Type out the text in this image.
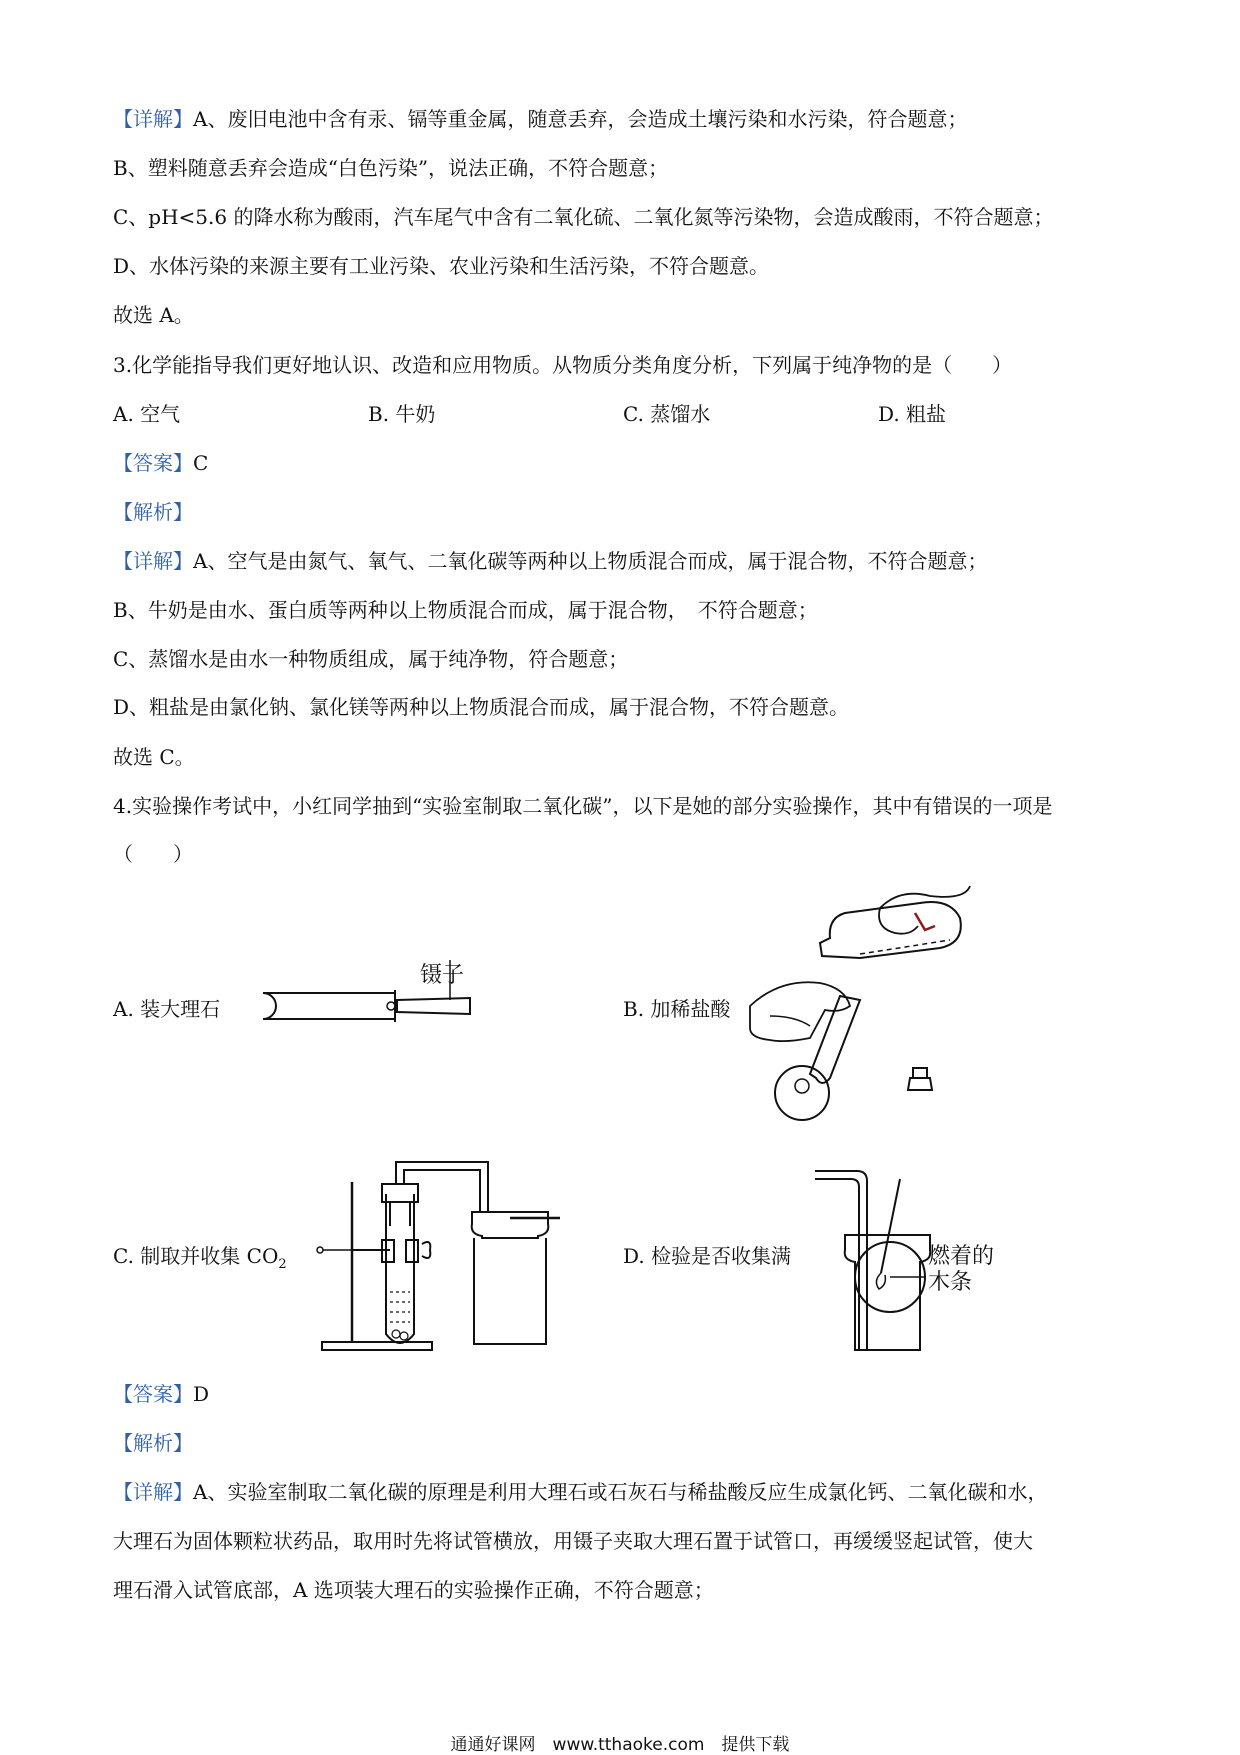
【详解】A、废旧电池中含有汞、镉等重金属，随意丢弃，会造成土壤污染和水污染，符合题意；
B、塑料随意丢弃会造成“白色污染”，说法正确，不符合题意；
C、pH<5.6 的降水称为酸雨，汽车尾气中含有二氧化硫、二氧化氮等污染物，会造成酸雨，不符合题意；
D、水体污染的来源主要有工业污染、农业污染和生活污染，不符合题意。
故选 A。
3.化学能指导我们更好地认识、改造和应用物质。从物质分类角度分析，下列属于纯净物的是（　　）
A. 空气	B. 牛奶	C. 蒸馏水	D. 粗盐
【答案】C
【解析】
【详解】A、空气是由氮气、氧气、二氧化碳等两种以上物质混合而成，属于混合物，不符合题意；
B、牛奶是由水、蛋白质等两种以上物质混合而成，属于混合物，　不符合题意；
C、蒸馏水是由水一种物质组成，属于纯净物，符合题意；
D、粗盐是由氯化钠、氯化镁等两种以上物质混合而成，属于混合物，不符合题意。
故选 C。
4.实验操作考试中，小红同学抽到“实验室制取二氧化碳”，以下是她的部分实验操作，其中有错误的一项是
（　　）
A. 装大理石
镊子
B. 加稀盐酸
C. 制取并收集 $CO_2$	D. 检验是否收集满	燃着的
木条
【答案】D
【解析】
【详解】A、实验室制取二氧化碳的原理是利用大理石或石灰石与稀盐酸反应生成氯化钙、二氧化碳和水，
大理石为固体颗粒状药品，取用时先将试管横放，用镊子夹取大理石置于试管口，再缓缓竖起试管，使大
理石滑入试管底部，A 选项装大理石的实验操作正确，不符合题意；
通通好课网　www.tthaoke.com　提供下载
